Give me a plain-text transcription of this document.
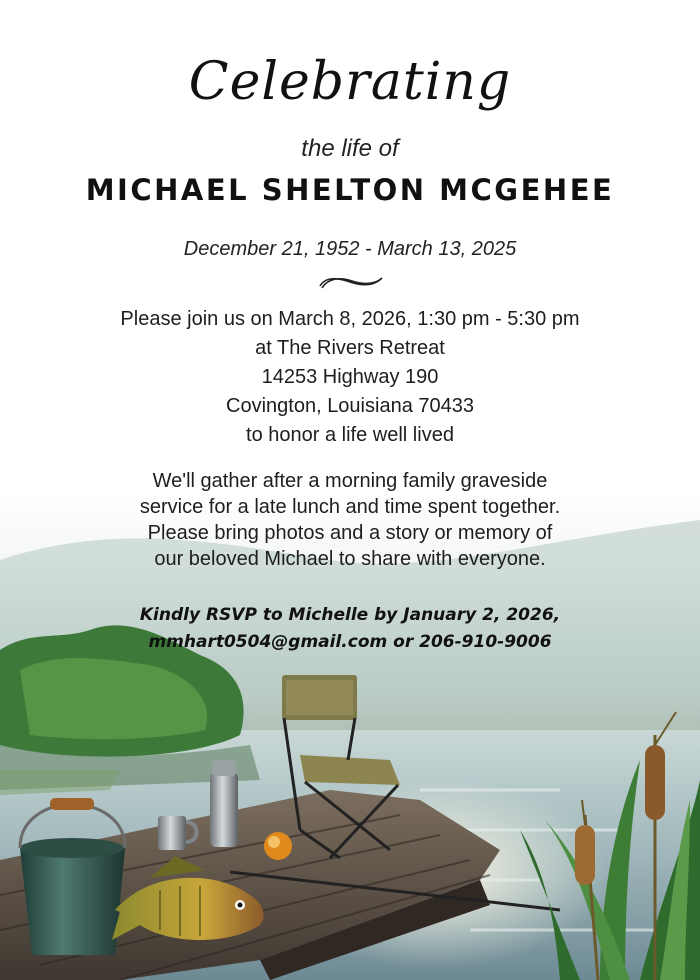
Celebrating
the life of
MICHAEL SHELTON MCGEHEE
December 21, 1952 - March 13, 2025
Please join us on March 8, 2026, 1:30 pm - 5:30 pm
at The Rivers Retreat
14253 Highway 190
Covington, Louisiana 70433
to honor a life well lived
We'll gather after a morning family graveside
service for a late lunch and time spent together.
Please bring photos and a story or memory of
our beloved Michael to share with everyone.
Kindly RSVP to Michelle by January 2, 2026,
mmhart0504@gmail.com or 206-910-9006
